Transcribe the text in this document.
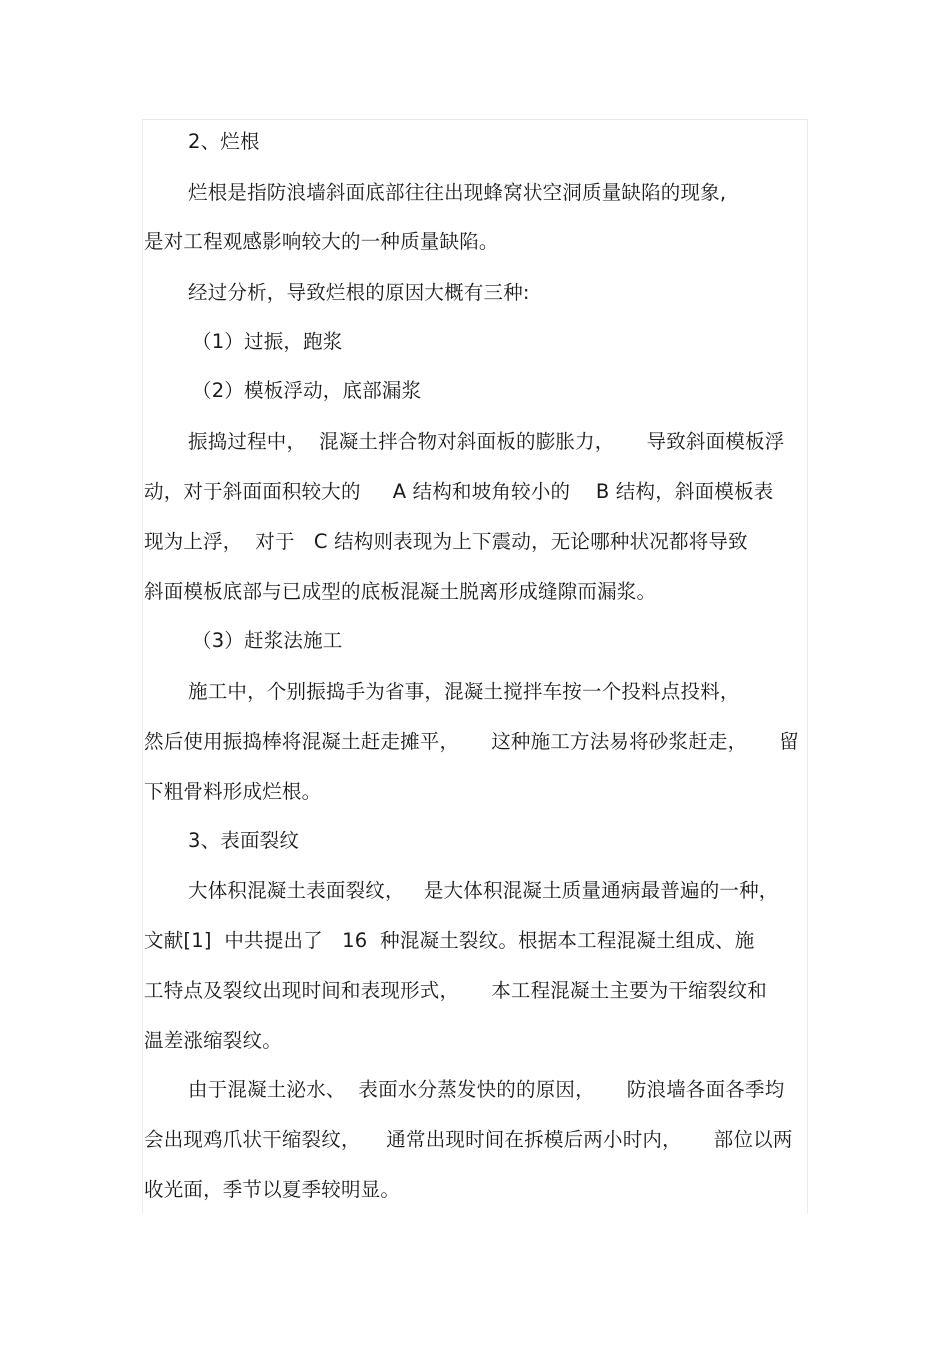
2、烂根
烂根是指防浪墙斜面底部往往出现蜂窝状空洞质量缺陷的现象,
是对工程观感影响较大的一种质量缺陷。
经过分析，导致烂根的原因大概有三种:
（1）过振，跑浆
（2）模板浮动，底部漏浆
振捣过程中，  混凝土拌合物对斜面板的膨胀力，     导致斜面模板浮
动，对于斜面面积较大的     A 结构和坡角较小的    B 结构，斜面模板表
现为上浮，  对于   C 结构则表现为上下震动，无论哪种状况都将导致
斜面模板底部与已成型的底板混凝土脱离形成缝隙而漏浆。
（3）赶浆法施工
施工中，个别振捣手为省事，混凝土搅拌车按一个投料点投料，
然后使用振捣棒将混凝土赶走摊平，     这种施工方法易将砂浆赶走，     留
下粗骨料形成烂根。
3、表面裂纹
大体积混凝土表面裂纹，   是大体积混凝土质量通病最普遍的一种，
文献[1]  中共提出了   16  种混凝土裂纹。根据本工程混凝土组成、施
工特点及裂纹出现时间和表现形式，     本工程混凝土主要为干缩裂纹和
温差涨缩裂纹。
由于混凝土泌水、  表面水分蒸发快的的原因，     防浪墙各面各季均
会出现鸡爪状干缩裂纹，    通常出现时间在拆模后两小时内，     部位以两
收光面，季节以夏季较明显。
